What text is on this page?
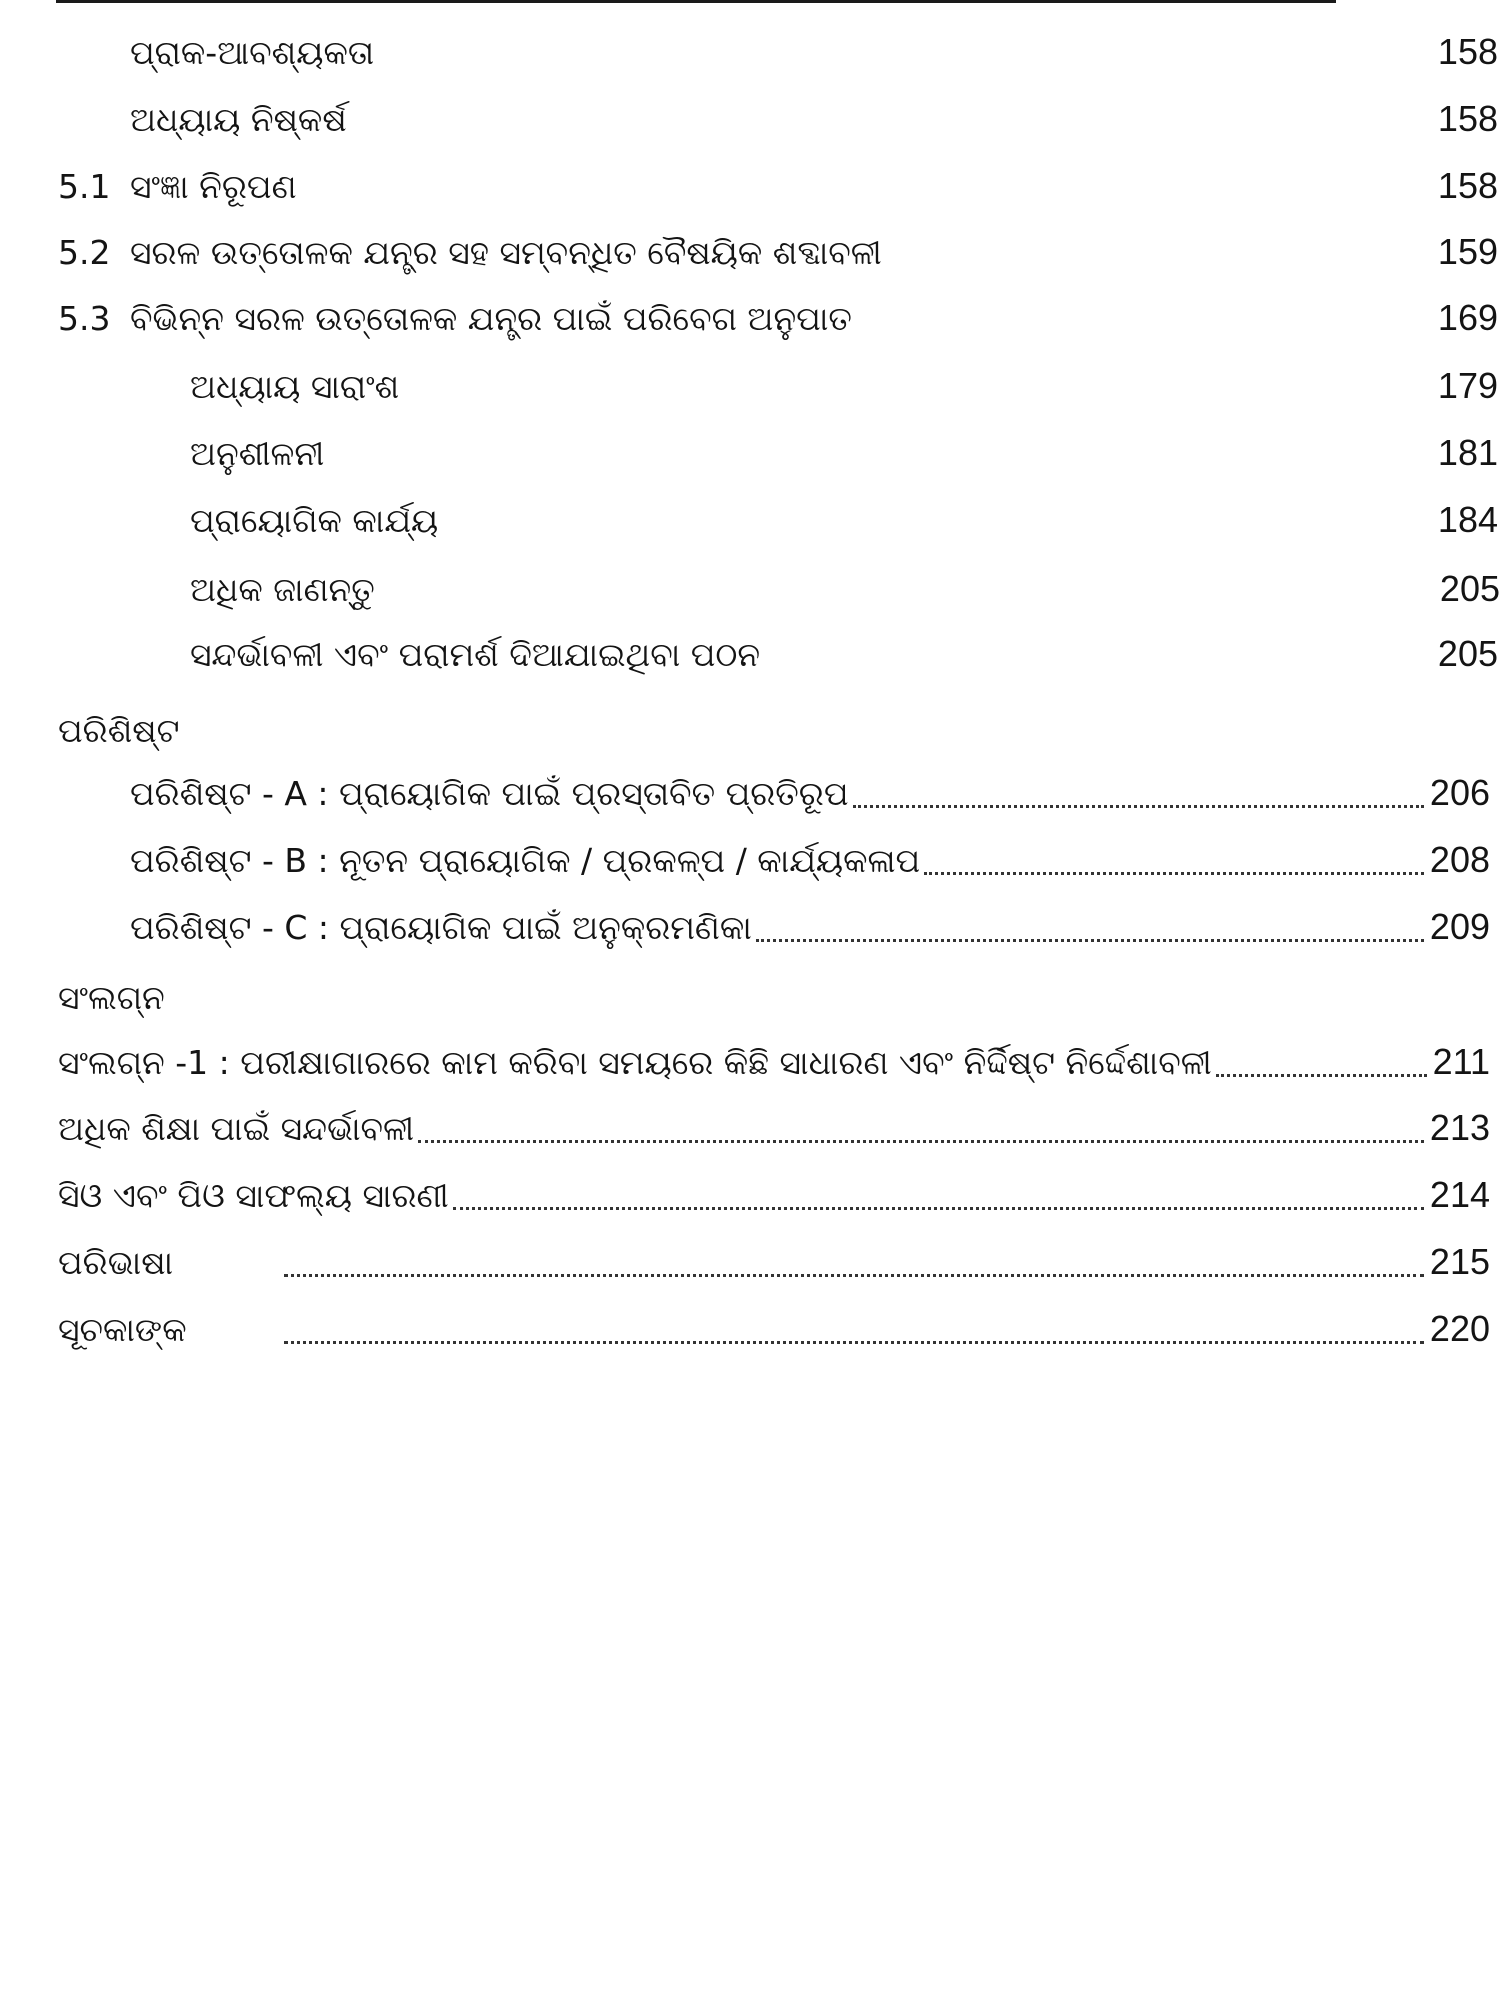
ପ୍ରାକ-ଆବଶ୍ୟକତା	158
ଅଧ୍ୟାୟ ନିଷ୍କର୍ଷ	158
5.1 ସଂଜ୍ଞା ନିରୂପଣ	158
5.2 ସରଳ ଉତ୍ତୋଳକ ଯନ୍ତ୍ର ସହ ସମ୍ବନ୍ଧିତ ବୈଷୟିକ ଶବ୍ଦାବଳୀ	159
5.3 ବିଭିନ୍ନ ସରଳ ଉତ୍ତୋଳକ ଯନ୍ତ୍ର ପାଇଁ ପରିବେଗ ଅନୁପାତ	169
ଅଧ୍ୟାୟ ସାରାଂଶ	179
ଅନୁଶୀଳନୀ	181
ପ୍ରାୟୋଗିକ କାର୍ଯ୍ୟ	184
ଅଧିକ ଜାଣନ୍ତୁ	205
ସନ୍ଦର୍ଭାବଳୀ ଏବଂ ପରାମର୍ଶ ଦିଆଯାଇଥିବା ପଠନ	205
ପରିଶିଷ୍ଟ
ପରିଶିଷ୍ଟ - A : ପ୍ରାୟୋଗିକ ପାଇଁ ପ୍ରସ୍ତାବିତ ପ୍ରତିରୂପ	206
ପରିଶିଷ୍ଟ - B : ନୂତନ ପ୍ରାୟୋଗିକ / ପ୍ରକଳ୍ପ / କାର୍ଯ୍ୟକଳାପ	208
ପରିଶିଷ୍ଟ - C : ପ୍ରାୟୋଗିକ ପାଇଁ ଅନୁକ୍ରମଣିକା	209
ସଂଲଗ୍ନ
ସଂଲଗ୍ନ -1 : ପରୀକ୍ଷାଗାରରେ କାମ କରିବା ସମୟରେ କିଛି ସାଧାରଣ ଏବଂ ନିର୍ଦ୍ଦିଷ୍ଟ ନିର୍ଦ୍ଦେଶାବଳୀ	211
ଅଧିକ ଶିକ୍ଷା ପାଇଁ ସନ୍ଦର୍ଭାବଳୀ	213
ସିଓ ଏବଂ ପିଓ ସାଫଲ୍ୟ ସାରଣୀ	214
ପରିଭାଷା	215
ସୂଚକାଙ୍କ	220
